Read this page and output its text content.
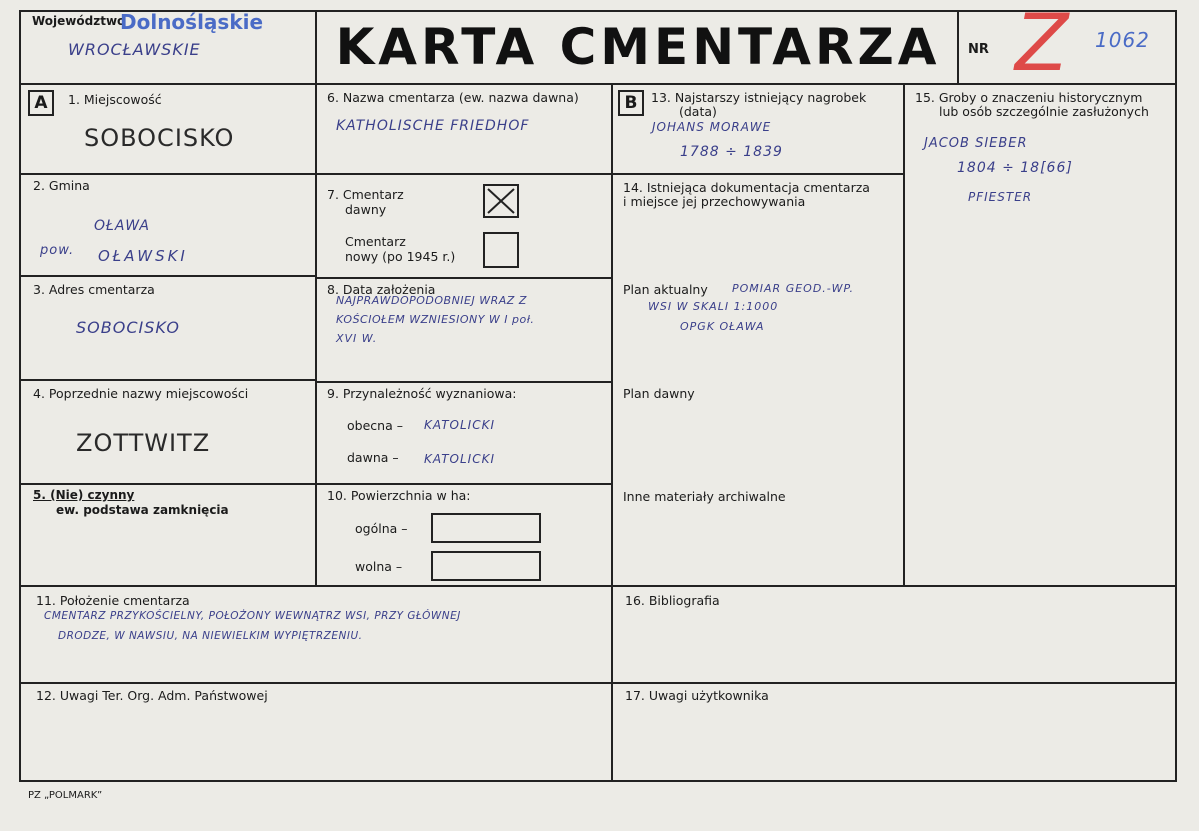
Województwo
Dolnośląskie
WROCŁAWSKIE	KARTA CMENTARZA	NR Z 1062
A	B
1. Miejscowość
SOBOCISKO
2. Gmina
OŁAWA
pow. OŁAWSKI
3. Adres cmentarza
SOBOCISKO
4. Poprzednie nazwy miejscowości
ZOTTWITZ
5. (Nie) czynny
ew. podstawa zamknięcia
6. Nazwa cmentarza (ew. nazwa dawna)
KATHOLISCHE FRIEDHOF
7. Cmentarz
dawny
Cmentarz
nowy (po 1945 r.)
8. Data założenia
NAJPRAWDOPODOBNIEJ WRAZ Z
KOŚCIOŁEM WZNIESIONY W I poł.
XVI W.
9. Przynależność wyznaniowa:
obecna – KATOLICKI
dawna – KATOLICKI
10. Powierzchnia w ha:
ogólna –
wolna –
13. Najstarszy istniejący nagrobek
(data)
JOHANS MORAWE
1788 ÷ 1839
14. Istniejąca dokumentacja cmentarza
i miejsce jej przechowywania
Plan aktualny POMIAR GEOD.-WP.
WSI W SKALI 1:1000
OPGK OŁAWA
Plan dawny
Inne materiały archiwalne
15. Groby o znaczeniu historycznym
lub osób szczególnie zasłużonych
JACOB SIEBER
1804 ÷ 18[66]
PFIESTER
11. Położenie cmentarza
CMENTARZ PRZYKOŚCIELNY, POŁOŻONY WEWNĄTRZ WSI, PRZY GŁÓWNEJ
DRODZE, W NAWSIU, NA NIEWIELKIM WYPIĘTRZENIU.
16. Bibliografia
12. Uwagi Ter. Org. Adm. Państwowej	17. Uwagi użytkownika
PZ „POLMARK”
